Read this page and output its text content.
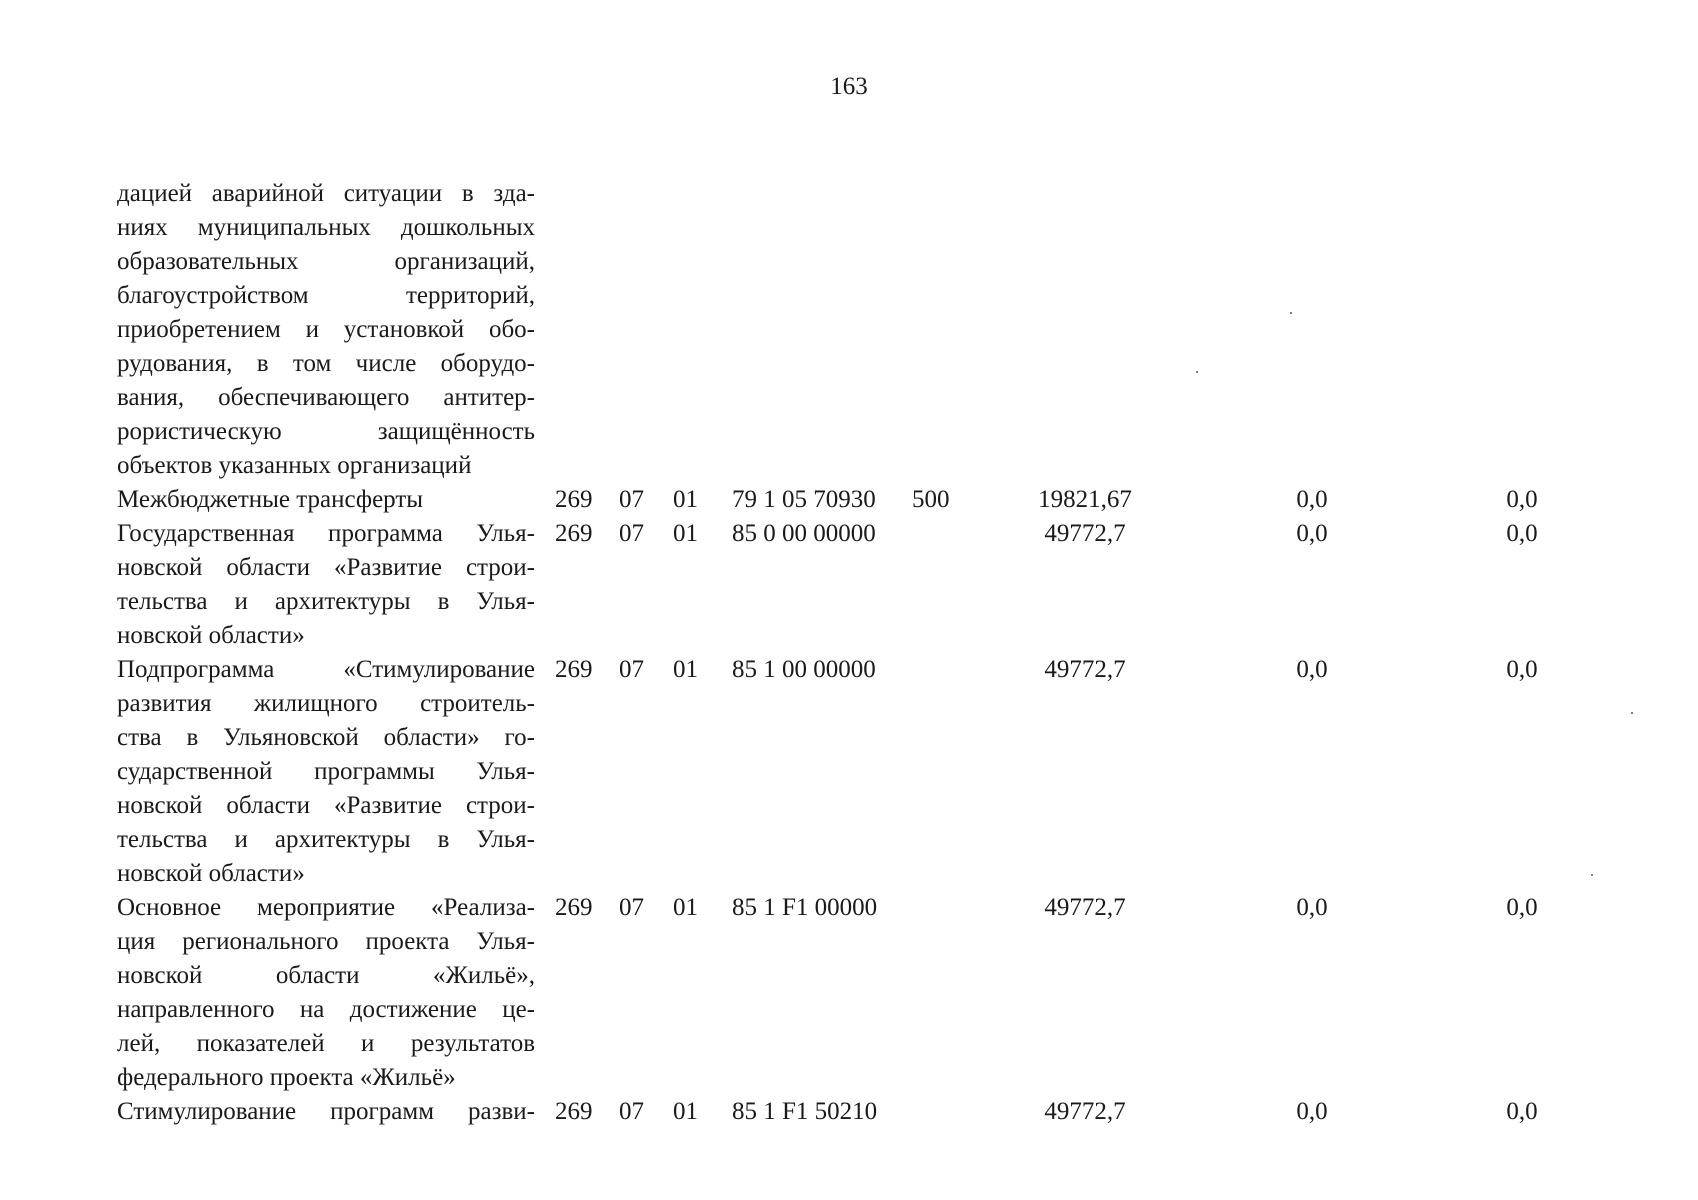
163
дацией аварийной ситуации в зда-
ниях муниципальных дошкольных
образовательных организаций,
благоустройством территорий,
приобретением и установкой обо-
рудования, в том числе оборудо-
вания, обеспечивающего антитер-
рористическую защищённость
объектов указанных организаций
Межбюджетные трансферты	269 07 01 79 1 05 70930 500	19821,67	0,0	0,0
Государственная программа Улья-
новской области «Развитие строи-
тельства и архитектуры в Улья-
новской области»
269 07 01 85 0 00 00000	49772,7	0,0	0,0
Подпрограмма «Стимулирование
развития жилищного строитель-
ства в Ульяновской области» го-
сударственной программы Улья-
новской области «Развитие строи-
тельства и архитектуры в Улья-
новской области»
269 07 01 85 1 00 00000	49772,7	0,0	0,0
Основное мероприятие «Реализа-
ция регионального проекта Улья-
новской области «Жильё»,
направленного на достижение це-
лей, показателей и результатов
федерального проекта «Жильё»
269 07 01 85 1 F1 00000	49772,7	0,0	0,0
Стимулирование программ разви- 269 07 01 85 1 F1 50210	49772,7	0,0	0,0
